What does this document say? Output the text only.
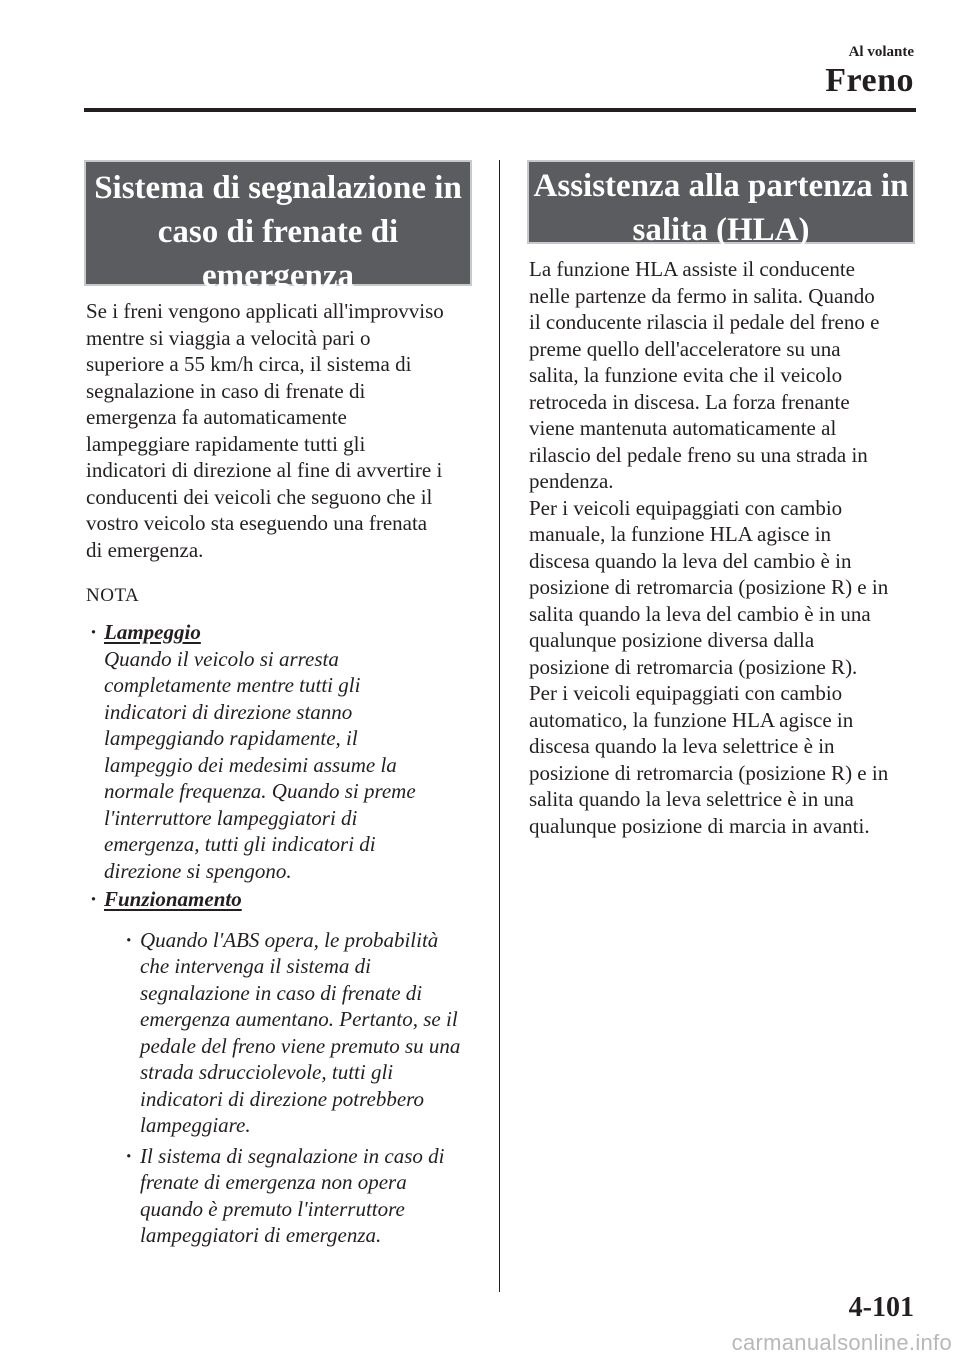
Al volante
Freno
Sistema di segnalazione in
caso di frenate di
emergenza
Se i freni vengono applicati all'improvviso
mentre si viaggia a velocità pari o
superiore a 55 km/h circa, il sistema di
segnalazione in caso di frenate di
emergenza fa automaticamente
lampeggiare rapidamente tutti gli
indicatori di direzione al fine di avvertire i
conducenti dei veicoli che seguono che il
vostro veicolo sta eseguendo una frenata
di emergenza.
NOTA
· Lampeggio
Quando il veicolo si arresta
completamente mentre tutti gli
indicatori di direzione stanno
lampeggiando rapidamente, il
lampeggio dei medesimi assume la
normale frequenza. Quando si preme
l'interruttore lampeggiatori di
emergenza, tutti gli indicatori di
direzione si spengono.
· Funzionamento
· Quando l'ABS opera, le probabilità
che intervenga il sistema di
segnalazione in caso di frenate di
emergenza aumentano. Pertanto, se il
pedale del freno viene premuto su una
strada sdrucciolevole, tutti gli
indicatori di direzione potrebbero
lampeggiare.
· Il sistema di segnalazione in caso di
frenate di emergenza non opera
quando è premuto l'interruttore
lampeggiatori di emergenza.
Assistenza alla partenza in
salita (HLA)
La funzione HLA assiste il conducente
nelle partenze da fermo in salita. Quando
il conducente rilascia il pedale del freno e
preme quello dell'acceleratore su una
salita, la funzione evita che il veicolo
retroceda in discesa. La forza frenante
viene mantenuta automaticamente al
rilascio del pedale freno su una strada in
pendenza.
Per i veicoli equipaggiati con cambio
manuale, la funzione HLA agisce in
discesa quando la leva del cambio è in
posizione di retromarcia (posizione R) e in
salita quando la leva del cambio è in una
qualunque posizione diversa dalla
posizione di retromarcia (posizione R).
Per i veicoli equipaggiati con cambio
automatico, la funzione HLA agisce in
discesa quando la leva selettrice è in
posizione di retromarcia (posizione R) e in
salita quando la leva selettrice è in una
qualunque posizione di marcia in avanti.
4-101
carmanualsonline.info
